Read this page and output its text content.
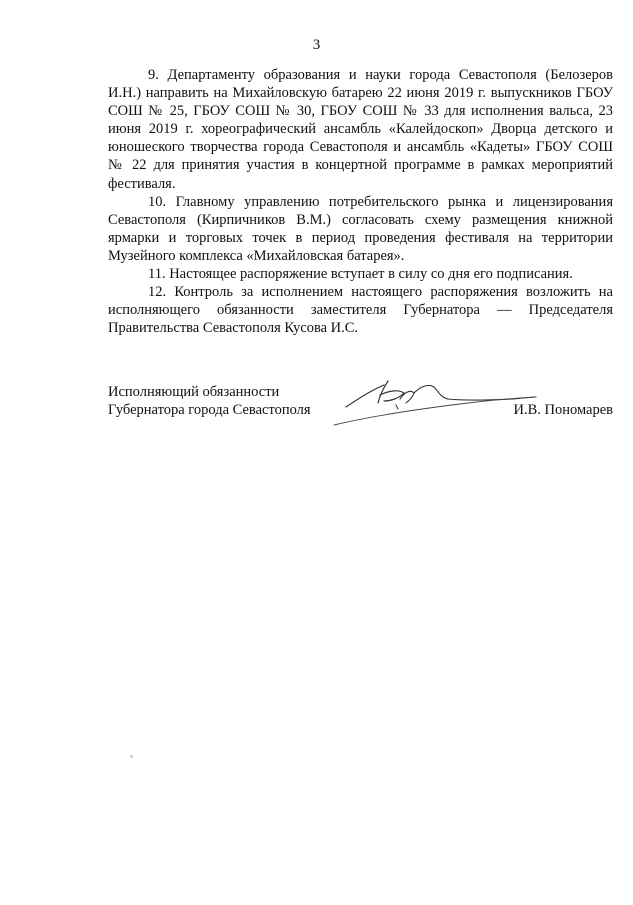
3

9. Департаменту образования и науки города Севастополя (Белозеров И.Н.) направить на Михайловскую батарею 22 июня 2019 г. выпускников ГБОУ СОШ № 25, ГБОУ СОШ № 30, ГБОУ СОШ № 33 для исполнения вальса, 23 июня 2019 г. хореографический ансамбль «Калейдоскоп» Дворца детского и юношеского творчества города Севастополя и ансамбль «Кадеты» ГБОУ СОШ № 22 для принятия участия в концертной программе в рамках мероприятий фестиваля.

10. Главному управлению потребительского рынка и лицензирования Севастополя (Кирпичников В.М.) согласовать схему размещения книжной ярмарки и торговых точек в период проведения фестиваля на территории Музейного комплекса «Михайловская батарея».

11. Настоящее распоряжение вступает в силу со дня его подписания.

12. Контроль за исполнением настоящего распоряжения возложить на исполняющего обязанности заместителя Губернатора — Председателя Правительства Севастополя Кусова И.С.

Исполняющий обязанности
Губернатора города Севастополя	И.В. Пономарев
